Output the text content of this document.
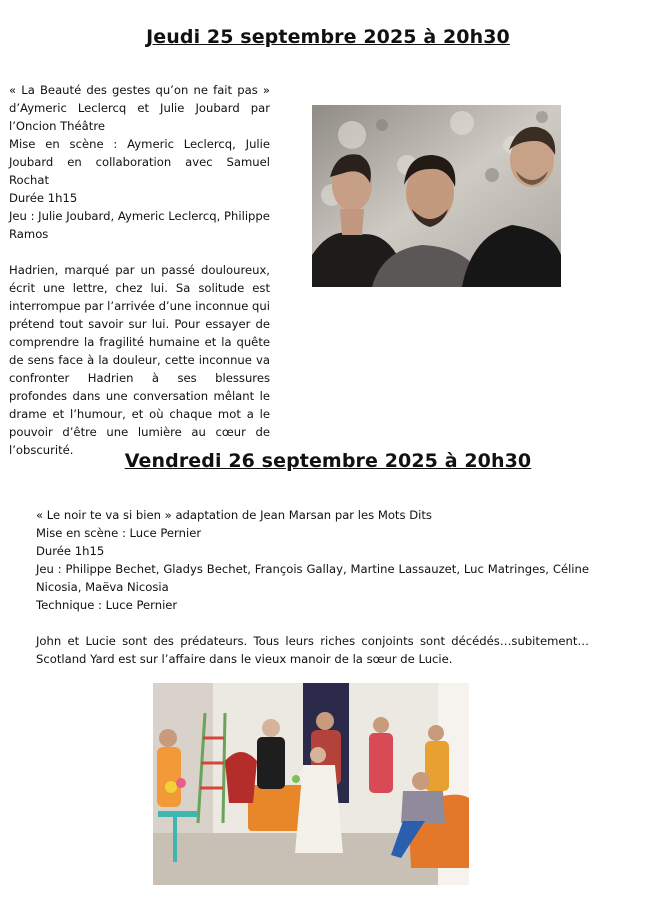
Jeudi 25 septembre 2025 à 20h30

« La Beauté des gestes qu’on ne fait pas » d’Aymeric Leclercq et Julie Joubard par l’Oncion Théâtre

Mise en scène : Aymeric Leclercq, Julie Joubard en collaboration avec Samuel Rochat

Durée 1h15

Jeu : Julie Joubard, Aymeric Leclercq, Philippe Ramos

Hadrien, marqué par un passé douloureux, écrit une lettre, chez lui. Sa solitude est interrompue par l’arrivée d’une inconnue qui prétend tout savoir sur lui. Pour essayer de comprendre la fragilité humaine et la quête de sens face à la douleur, cette inconnue va confronter Hadrien à ses blessures profondes dans une conversation mêlant le drame et l’humour, et où chaque mot a le pouvoir d’être une lumière au cœur de l’obscurité.	Vendredi 26 septembre 2025 à 20h30

« Le noir te va si bien » adaptation de Jean Marsan par les Mots Dits

Mise en scène : Luce Pernier

Durée 1h15

Jeu : Philippe Bechet, Gladys Bechet, François Gallay, Martine Lassauzet, Luc Matringes, Céline Nicosia, Maëva Nicosia

Technique : Luce Pernier

John et Lucie sont des prédateurs. Tous leurs riches conjoints sont décédés…subitement… Scotland Yard est sur l’affaire dans le vieux manoir de la sœur de Lucie.
